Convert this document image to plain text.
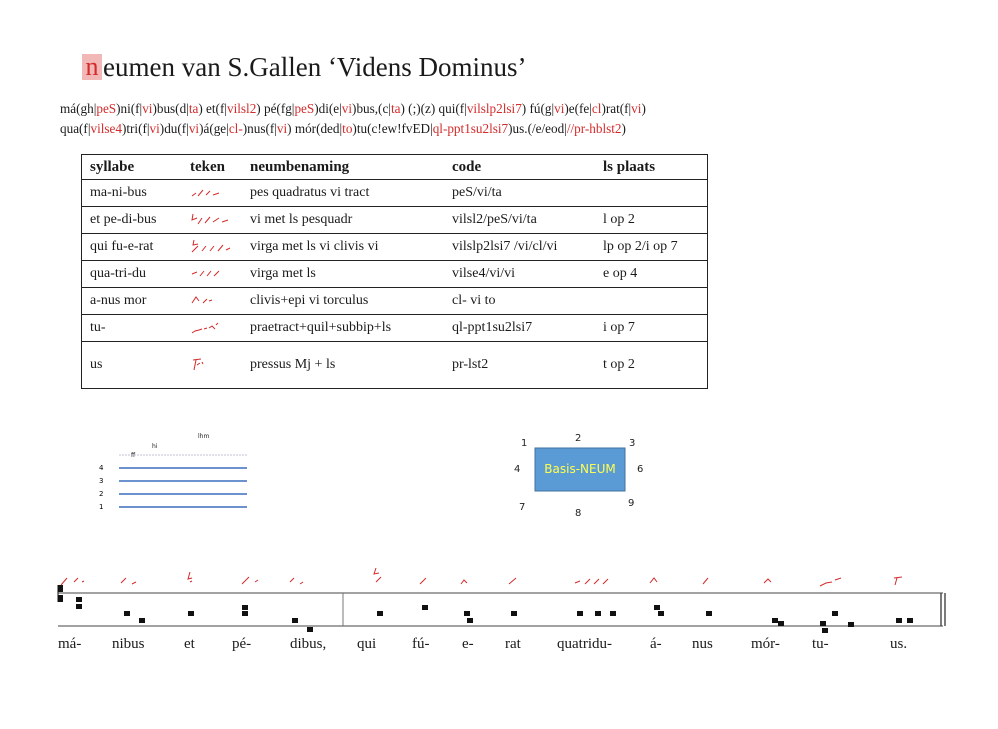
n eumen van S.Gallen ‘Videns Dominus’
má(gh|peS)ni(f|vi)bus(d|ta) et(f|vilsl2) pé(fg|peS)di(e|vi)bus,(c|ta) (;)(z) qui(f|vilslp2lsi7) fú(g|vi)e(fe|cl)rat(f|vi)
qua(f|vilse4)tri(f|vi)du(f|vi)á(ge|cl-)nus(f|vi) mór(ded|to)tu(c!ew!fvED|ql-ppt1su2lsi7)us.(/e/eod|//pr-hblst2)
syllabe	teken	neumbenaming	code	ls plaats
ma-ni-bus		pes quadratus vi tract	peS/vi/ta	
et pe-di-bus		vi met ls pesquadr	vilsl2/peS/vi/ta	l op 2
qui fu-e-rat		virga met ls vi clivis vi	vilslp2lsi7 /vi/cl/vi	lp op 2/i op 7
qua-tri-du		virga met ls	vilse4/vi/vi	e op 4
a-nus mor		clivis+epi vi torculus	cl- vi to	
tu-		praetract+quil+subbip+ls	ql-ppt1su2lsi7	i op 7
us		pressus Mj + ls	pr-lst2	t op 2
lhm
hi
ff
4
3
2
1
Basis-NEUM
1	2	3
4	6
7
8
9
má- nibus	et pé-	dibus, qui fú- e- rat quatridu-	á- nus	mór- tu-	us.
